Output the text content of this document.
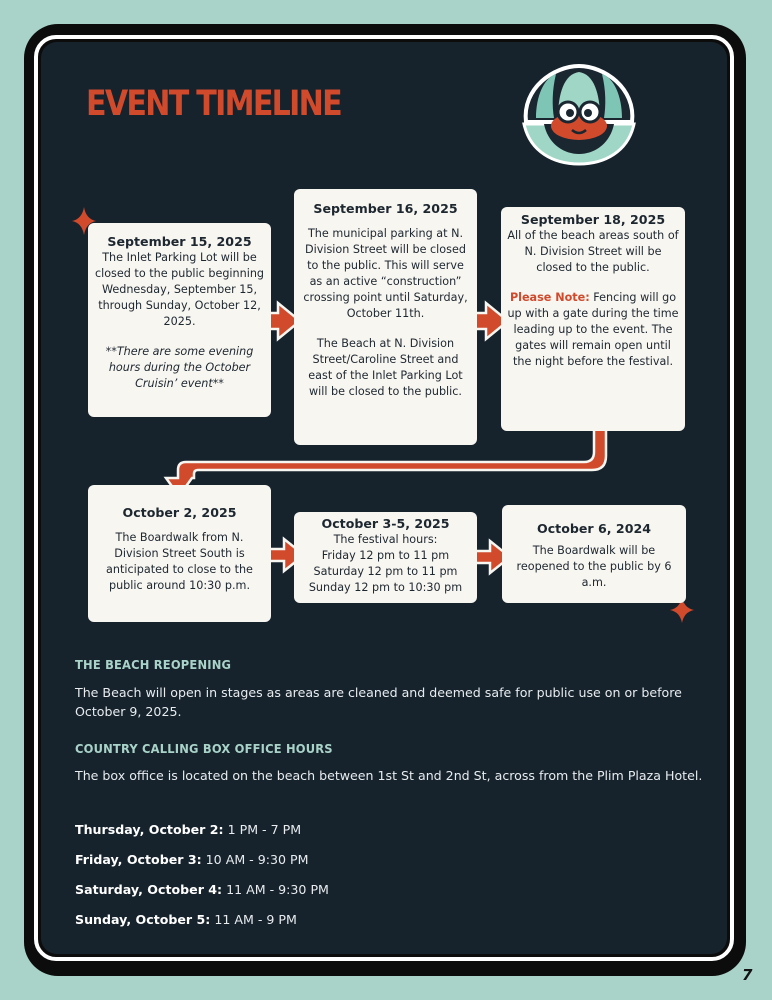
EVENT TIMELINE
September 15, 2025
The Inlet Parking Lot will be closed to the public beginning Wednesday, September 15, through Sunday, October 12, 2025.
**There are some evening hours during the October Cruisin’ event**
September 16, 2025
The municipal parking at N. Division Street will be closed to the public. This will serve as an active “construction” crossing point until Saturday, October 11th.
The Beach at N. Division Street/Caroline Street and east of the Inlet Parking Lot will be closed to the public.
September 18, 2025
All of the beach areas south of N. Division Street will be closed to the public.
Please Note: Fencing will go up with a gate during the time leading up to the event. The gates will remain open until the night before the festival.
October 2, 2025
The Boardwalk from N. Division Street South is anticipated to close to the public around 10:30 p.m.
October 3-5, 2025
The festival hours:
Friday 12 pm to 11 pm
Saturday 12 pm to 11 pm
Sunday 12 pm to 10:30 pm
October 6, 2024
The Boardwalk will be reopened to the public by 6 a.m.
THE BEACH REOPENING
The Beach will open in stages as areas are cleaned and deemed safe for public use on or before October 9, 2025.
COUNTRY CALLING BOX OFFICE HOURS
The box office is located on the beach between 1st St and 2nd St, across from the Plim Plaza Hotel.
Thursday, October 2: 1 PM - 7 PM
Friday, October 3: 10 AM - 9:30 PM
Saturday, October 4: 11 AM - 9:30 PM
Sunday, October 5: 11 AM - 9 PM
7
